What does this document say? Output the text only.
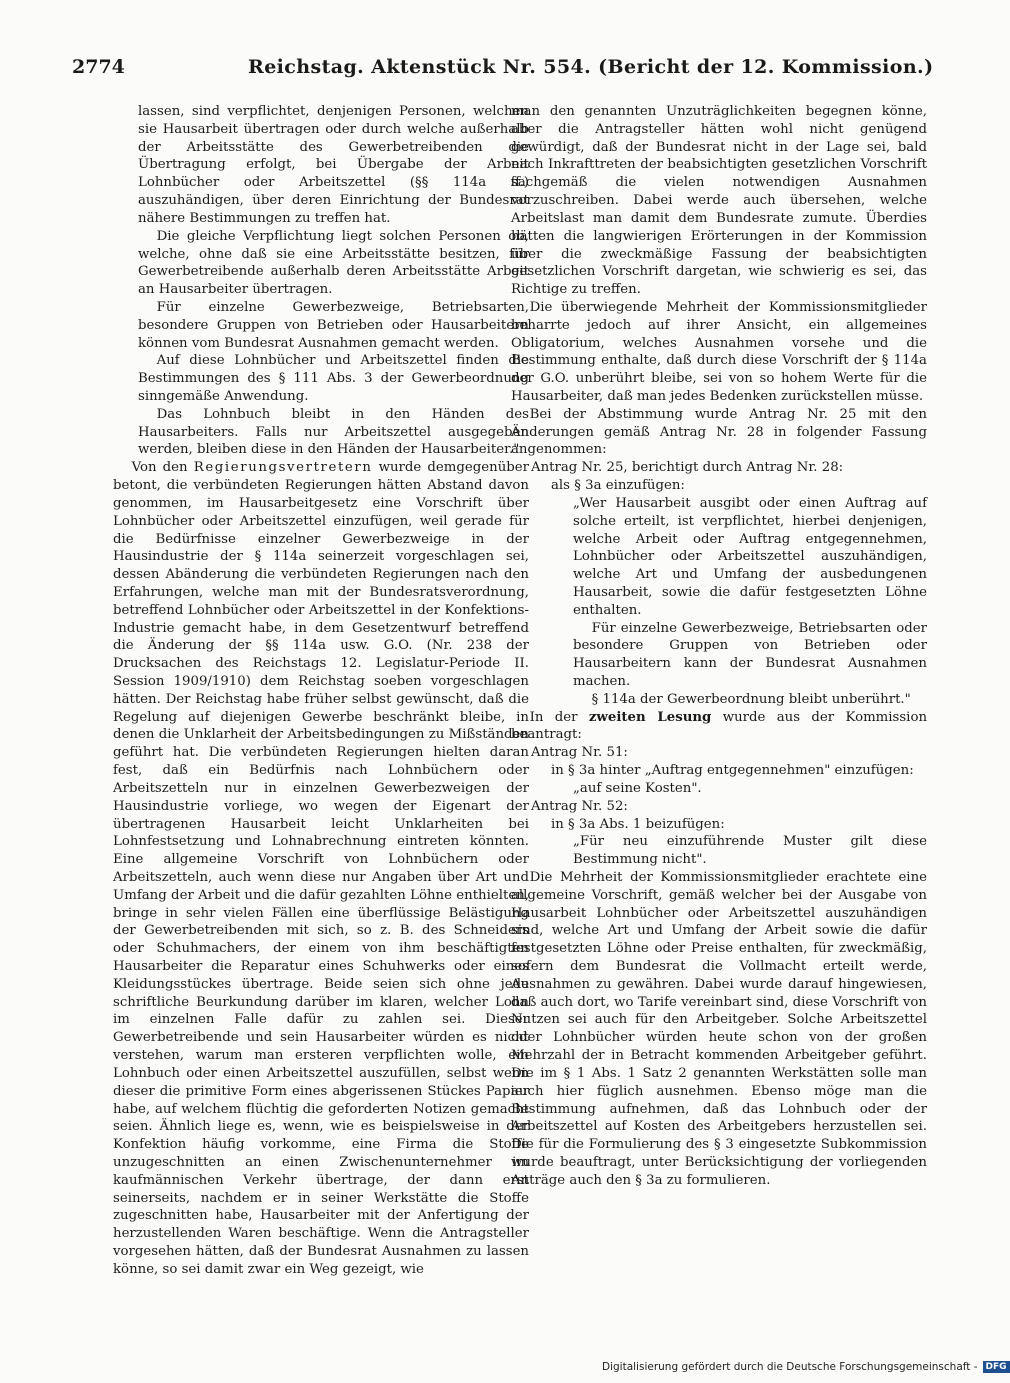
2774	Reichstag. Aktenstück Nr. 554. (Bericht der 12. Kommission.)

lassen, sind verpflichtet, denjenigen Personen, welchen sie Hausarbeit übertragen oder durch welche außerhalb der Arbeitsstätte des Gewerbetreibenden die Übertragung erfolgt, bei Übergabe der Arbeit Lohnbücher oder Arbeitszettel (§§ 114a ff.) auszuhändigen, über deren Einrichtung der Bundesrat nähere Bestimmungen zu treffen hat.

Die gleiche Verpflichtung liegt solchen Personen ob, welche, ohne daß sie eine Arbeitsstätte besitzen, für Gewerbetreibende außerhalb deren Arbeitsstätte Arbeit an Hausarbeiter übertragen.

Für einzelne Gewerbezweige, Betriebsarten, besondere Gruppen von Betrieben oder Hausarbeitern können vom Bundesrat Ausnahmen gemacht werden.

Auf diese Lohnbücher und Arbeitszettel finden die Bestimmungen des § 111 Abs. 3 der Gewerbeordnung sinngemäße Anwendung.

Das Lohnbuch bleibt in den Händen des Hausarbeiters. Falls nur Arbeitszettel ausgegeben werden, bleiben diese in den Händen der Hausarbeiter."

Von den Regierungsvertretern wurde demgegenüber betont, die verbündeten Regierungen hätten Abstand davon genommen, im Hausarbeitgesetz eine Vorschrift über Lohnbücher oder Arbeitszettel einzufügen, weil gerade für die Bedürfnisse einzelner Gewerbezweige in der Hausindustrie der § 114a seinerzeit vorgeschlagen sei, dessen Abänderung die verbündeten Regierungen nach den Erfahrungen, welche man mit der Bundesratsverordnung, betreffend Lohnbücher oder Arbeitszettel in der Konfektions-Industrie gemacht habe, in dem Gesetzentwurf betreffend die Änderung der §§ 114a usw. G.O. (Nr. 238 der Drucksachen des Reichstags 12. Legislatur-Periode II. Session 1909/1910) dem Reichstag soeben vorgeschlagen hätten. Der Reichstag habe früher selbst gewünscht, daß die Regelung auf diejenigen Gewerbe beschränkt bleibe, in denen die Unklarheit der Arbeitsbedingungen zu Mißständen geführt hat. Die verbündeten Regierungen hielten daran fest, daß ein Bedürfnis nach Lohnbüchern oder Arbeitszetteln nur in einzelnen Gewerbezweigen der Hausindustrie vorliege, wo wegen der Eigenart der übertragenen Hausarbeit leicht Unklarheiten bei Lohnfestsetzung und Lohnabrechnung eintreten könnten. Eine allgemeine Vorschrift von Lohnbüchern oder Arbeitszetteln, auch wenn diese nur Angaben über Art und Umfang der Arbeit und die dafür gezahlten Löhne enthielten, bringe in sehr vielen Fällen eine überflüssige Belästigung der Gewerbetreibenden mit sich, so z. B. des Schneiders oder Schuhmachers, der einem von ihm beschäftigten Hausarbeiter die Reparatur eines Schuhwerks oder eines Kleidungsstückes übertrage. Beide seien sich ohne jede schriftliche Beurkundung darüber im klaren, welcher Lohn im einzelnen Falle dafür zu zahlen sei. Dieser Gewerbetreibende und sein Hausarbeiter würden es nicht verstehen, warum man ersteren verpflichten wolle, ein Lohnbuch oder einen Arbeitszettel auszufüllen, selbst wenn dieser die primitive Form eines abgerissenen Stückes Papier habe, auf welchem flüchtig die geforderten Notizen gemacht seien. Ähnlich liege es, wenn, wie es beispielsweise in der Konfektion häufig vorkomme, eine Firma die Stoffe unzugeschnitten an einen Zwischenunternehmer im kaufmännischen Verkehr übertrage, der dann erst seinerseits, nachdem er in seiner Werkstätte die Stoffe zugeschnitten habe, Hausarbeiter mit der Anfertigung der herzustellenden Waren beschäftige. Wenn die Antragsteller vorgesehen hätten, daß der Bundesrat Ausnahmen zu lassen könne, so sei damit zwar ein Weg gezeigt, wie

man den genannten Unzuträglichkeiten begegnen könne, aber die Antragsteller hätten wohl nicht genügend gewürdigt, daß der Bundesrat nicht in der Lage sei, bald nach Inkrafttreten der beabsichtigten gesetzlichen Vorschrift sachgemäß die vielen notwendigen Ausnahmen vorzuschreiben. Dabei werde auch übersehen, welche Arbeitslast man damit dem Bundesrate zumute. Überdies hätten die langwierigen Erörterungen in der Kommission über die zweckmäßige Fassung der beabsichtigten gesetzlichen Vorschrift dargetan, wie schwierig es sei, das Richtige zu treffen.

Die überwiegende Mehrheit der Kommissionsmitglieder beharrte jedoch auf ihrer Ansicht, ein allgemeines Obligatorium, welches Ausnahmen vorsehe und die Bestimmung enthalte, daß durch diese Vorschrift der § 114a der G.O. unberührt bleibe, sei von so hohem Werte für die Hausarbeiter, daß man jedes Bedenken zurückstellen müsse.

Bei der Abstimmung wurde Antrag Nr. 25 mit den Änderungen gemäß Antrag Nr. 28 in folgender Fassung angenommen:

Antrag Nr. 25, berichtigt durch Antrag Nr. 28:

als § 3a einzufügen:

„Wer Hausarbeit ausgibt oder einen Auftrag auf solche erteilt, ist verpflichtet, hierbei denjenigen, welche Arbeit oder Auftrag entgegennehmen, Lohnbücher oder Arbeitszettel auszuhändigen, welche Art und Umfang der ausbedungenen Hausarbeit, sowie die dafür festgesetzten Löhne enthalten.

Für einzelne Gewerbezweige, Betriebsarten oder besondere Gruppen von Betrieben oder Hausarbeitern kann der Bundesrat Ausnahmen machen.

§ 114a der Gewerbeordnung bleibt unberührt."

In der zweiten Lesung wurde aus der Kommission beantragt:

Antrag Nr. 51:

in § 3a hinter „Auftrag entgegennehmen" einzufügen:

„auf seine Kosten".

Antrag Nr. 52:

in § 3a Abs. 1 beizufügen:

„Für neu einzuführende Muster gilt diese Bestimmung nicht".

Die Mehrheit der Kommissionsmitglieder erachtete eine allgemeine Vorschrift, gemäß welcher bei der Ausgabe von Hausarbeit Lohnbücher oder Arbeitszettel auszuhändigen sind, welche Art und Umfang der Arbeit sowie die dafür festgesetzten Löhne oder Preise enthalten, für zweckmäßig, sofern dem Bundesrat die Vollmacht erteilt werde, Ausnahmen zu gewähren. Dabei wurde darauf hingewiesen, daß auch dort, wo Tarife vereinbart sind, diese Vorschrift von Nutzen sei auch für den Arbeitgeber. Solche Arbeitszettel oder Lohnbücher würden heute schon von der großen Mehrzahl der in Betracht kommenden Arbeitgeber geführt. Die im § 1 Abs. 1 Satz 2 genannten Werkstätten solle man auch hier füglich ausnehmen. Ebenso möge man die Bestimmung aufnehmen, daß das Lohnbuch oder der Arbeitszettel auf Kosten des Arbeitgebers herzustellen sei. Die für die Formulierung des § 3 eingesetzte Subkommission wurde beauftragt, unter Berücksichtigung der vorliegenden Anträge auch den § 3a zu formulieren.

Digitalisierung gefördert durch die Deutsche Forschungsgemeinschaft - DFG
